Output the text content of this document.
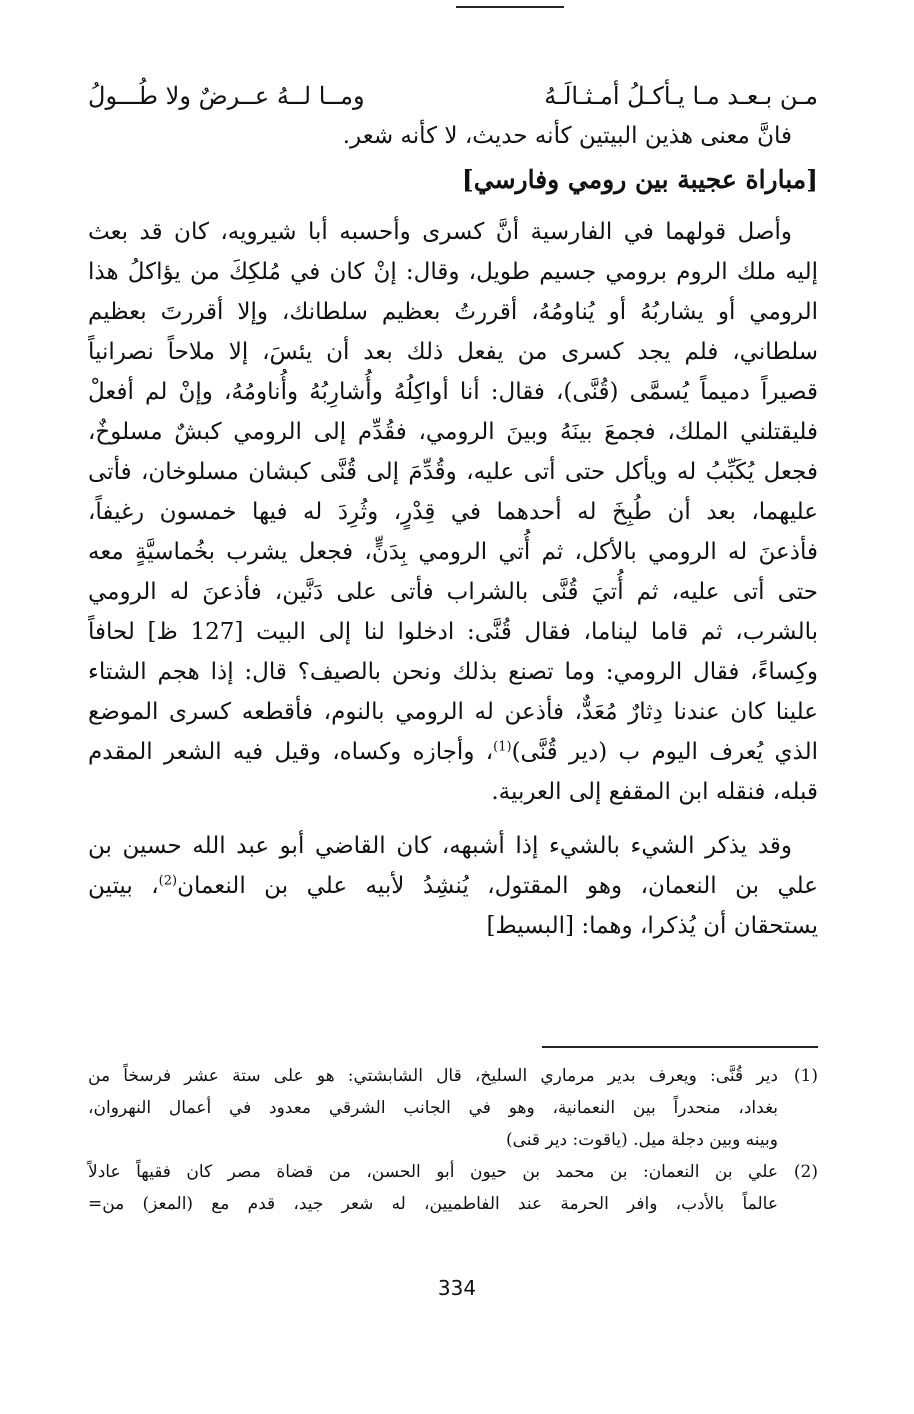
مـن بـعـد مـا يـأكـلُ أمـثـالَـهُ
ومــا لــهُ عــرضٌ ولا طُـــولُ
فانَّ معنى هذين البيتين كأنه حديث، لا كأنه شعر.
[مباراة عجيبة بين رومي وفارسي]
وأصل قولهما في الفارسية أنَّ كسرى وأحسبه أبا شيرويه، كان قد بعث
إليه ملك الروم برومي جسيم طويل، وقال: إنْ كان في مُلكِكَ من يؤاكلُ هذا
الرومي أو يشاربُهُ أو يُناومُهُ، أقررتُ بعظيم سلطانك، وإلا أقررتَ بعظيم
سلطاني، فلم يجد كسرى من يفعل ذلك بعد أن يئسَ، إلا ملاحاً نصرانياً
قصيراً دميماً يُسمَّى (قُنَّى)، فقال: أنا أواكِلُهُ وأُشارِبُهُ وأُناومُهُ، وإنْ لم أفعلْ
فليقتلني الملك، فجمعَ بينَهُ وبينَ الرومي، فقُدِّم إلى الرومي كبشٌ مسلوخٌ،
فجعل يُكَبِّبُ له ويأكل حتى أتى عليه، وقُدِّمَ إلى قُنَّى كبشان مسلوخان، فأتى
عليهما، بعد أن طُبِخَ له أحدهما في قِدْرٍ، وثُرِدَ له فيها خمسون رغيفاً،
فأذعنَ له الرومي بالأكل، ثم أُتي الرومي بِدَنٍّ، فجعل يشرب بخُماسيَّةٍ معه
حتى أتى عليه، ثم أُتيَ قُنَّى بالشراب فأتى على دَنَّين، فأذعنَ له الرومي
بالشرب، ثم قاما ليناما، فقال قُنَّى: ادخلوا لنا إلى البيت [127 ظ] لحافاً
وكِساءً، فقال الرومي: وما تصنع بذلك ونحن بالصيف؟ قال: إذا هجم الشتاء
علينا كان عندنا دِثارٌ مُعَدٌّ، فأذعن له الرومي بالنوم، فأقطعه كسرى الموضع
الذي يُعرف اليوم ب (دير قُنَّى)$^{(1)}$، وأجازه وكساه، وقيل فيه الشعر المقدم
قبله، فنقله ابن المقفع إلى العربية.
وقد يذكر الشيء بالشيء إذا أشبهه، كان القاضي أبو عبد الله حسين بن
علي بن النعمان، وهو المقتول، يُنشِدُ لأبيه علي بن النعمان$^{(2)}$، بيتين
يستحقان أن يُذكرا، وهما: [البسيط]
(1)
دير قُنَّى: ويعرف بدير مرماري السليخ، قال الشابشتي: هو على ستة عشر فرسخاً من
بغداد، منحدراً بين النعمانية، وهو في الجانب الشرقي معدود في أعمال النهروان،
وبينه وبين دجلة ميل. (ياقوت: دير قنى)
(2)
علي بن النعمان: بن محمد بن حيون أبو الحسن، من قضاة مصر كان فقيهاً عادلاً
عالماً بالأدب، وافر الحرمة عند الفاطميين، له شعر جيد، قدم مع (المعز) من=
334
